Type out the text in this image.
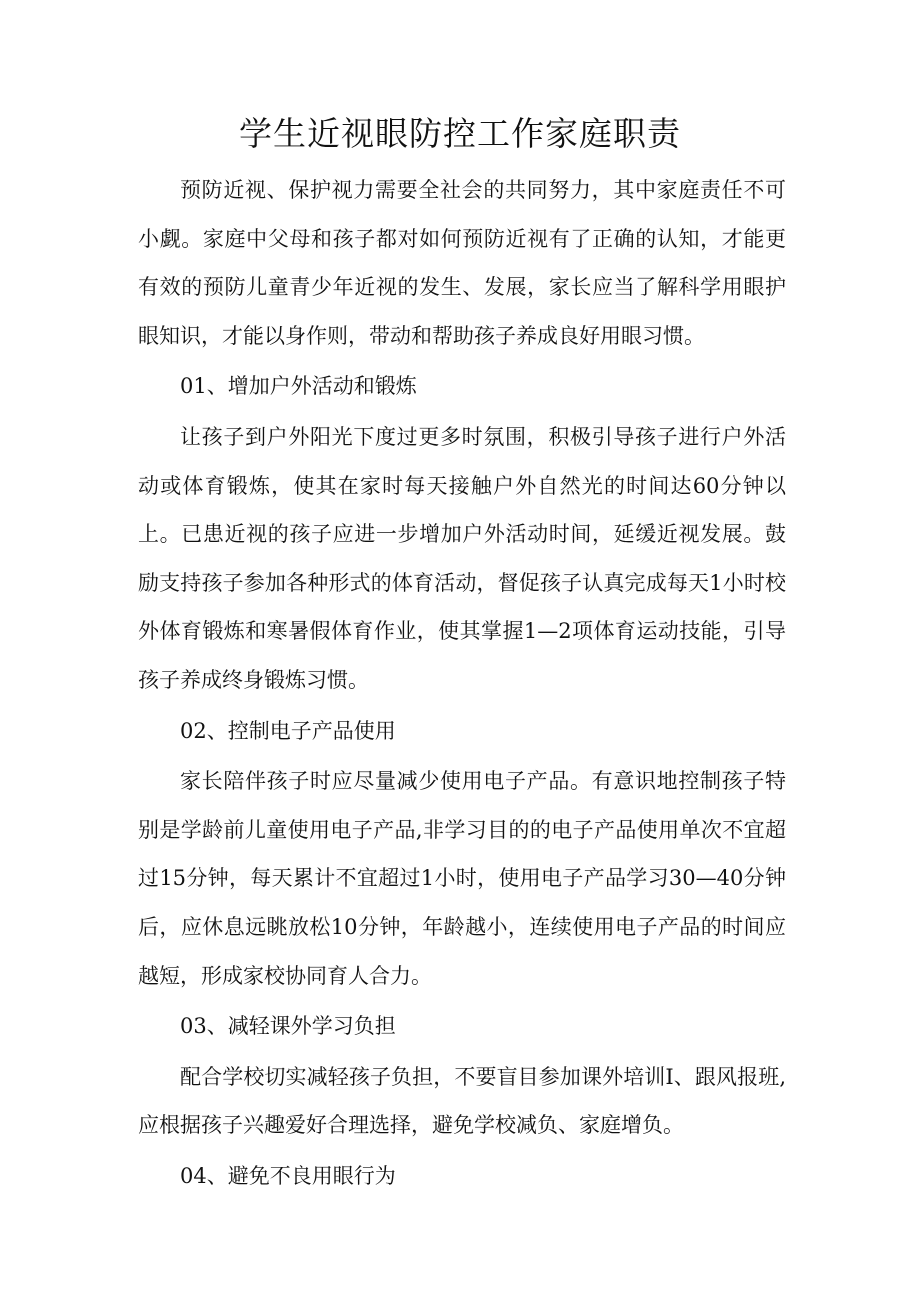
学生近视眼防控工作家庭职责

预防近视、保护视力需要全社会的共同努力，其中家庭责任不可小觑。家庭中父母和孩子都对如何预防近视有了正确的认知，才能更有效的预防儿童青少年近视的发生、发展，家长应当了解科学用眼护眼知识，才能以身作则，带动和帮助孩子养成良好用眼习惯。

01、增加户外活动和锻炼

让孩子到户外阳光下度过更多时氛围，积极引导孩子进行户外活动或体育锻炼，使其在家时每天接触户外自然光的时间达60分钟以上。已患近视的孩子应进一步增加户外活动时间，延缓近视发展。鼓励支持孩子参加各种形式的体育活动，督促孩子认真完成每天1小时校外体育锻炼和寒暑假体育作业，使其掌握1—2项体育运动技能，引导孩子养成终身锻炼习惯。

02、控制电子产品使用

家长陪伴孩子时应尽量减少使用电子产品。有意识地控制孩子特别是学龄前儿童使用电子产品,非学习目的的电子产品使用单次不宜超过15分钟，每天累计不宜超过1小时，使用电子产品学习30—40分钟后，应休息远眺放松10分钟，年龄越小，连续使用电子产品的时间应越短，形成家校协同育人合力。

03、减轻课外学习负担

配合学校切实减轻孩子负担，不要盲目参加课外培训I、跟风报班,应根据孩子兴趣爱好合理选择，避免学校减负、家庭增负。

04、避免不良用眼行为
